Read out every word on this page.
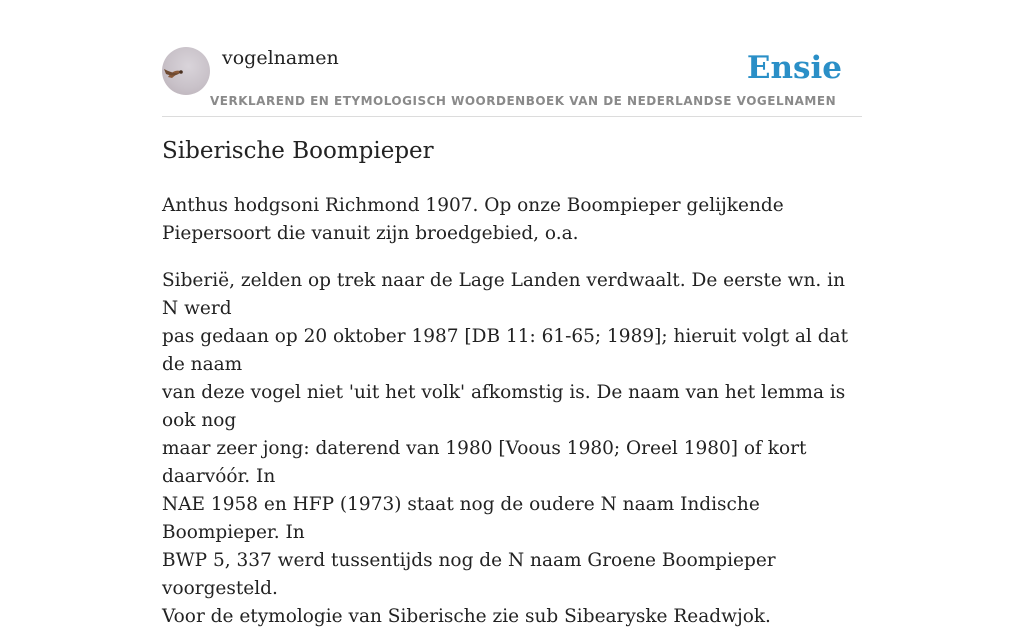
vogelnamen
VERKLAREND EN ETYMOLOGISCH WOORDENBOEK VAN DE NEDERLANDSE VOGELNAMEN
Ensie
Siberische Boompieper

Anthus hodgsoni Richmond 1907. Op onze Boompieper gelijkende Piepersoort die vanuit zijn broedgebied, o.a.

Siberië, zelden op trek naar de Lage Landen verdwaalt. De eerste wn. in N werd
pas gedaan op 20 oktober 1987 [DB 11: 61-65; 1989]; hieruit volgt al dat de naam
van deze vogel niet 'uit het volk' afkomstig is. De naam van het lemma is ook nog
maar zeer jong: daterend van 1980 [Voous 1980; Oreel 1980] of kort daarvóór. In
NAE 1958 en HFP (1973) staat nog de oudere N naam Indische Boompieper. In
BWP 5, 337 werd tussentijds nog de N naam Groene Boompieper voorgesteld.
Voor de etymologie van Siberische zie sub Sibearyske Readwjok.
